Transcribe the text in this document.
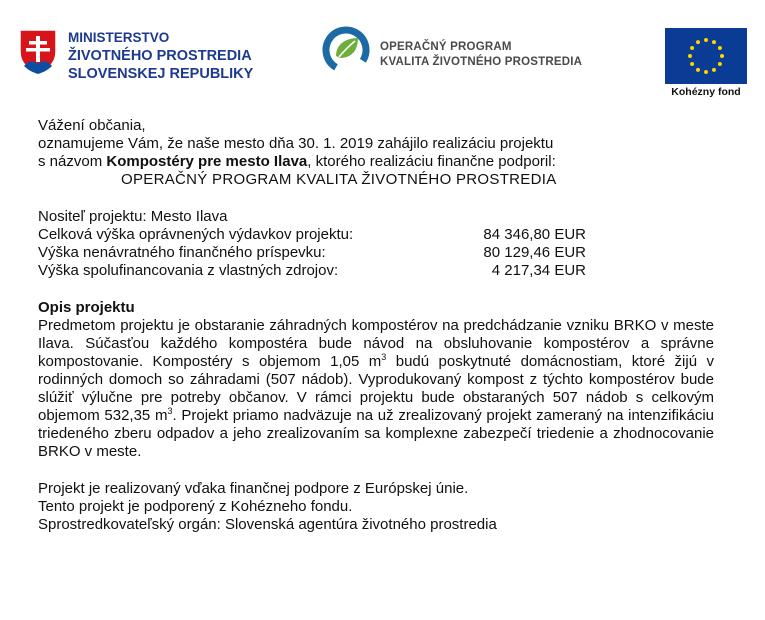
MINISTERSTVO
ŽIVOTNÉHO PROSTREDIA
SLOVENSKEJ REPUBLIKY
OPERAČNÝ PROGRAM
KVALITA ŽIVOTNÉHO PROSTREDIA
Kohézny fond

Vážení občania,

oznamujeme Vám, že naše mesto dňa 30. 1. 2019 zahájilo realizáciu projektu

s názvom Kompostéry pre mesto Ilava, ktorého realizáciu finančne podporil:

OPERAČNÝ PROGRAM KVALITA ŽIVOTNÉHO PROSTREDIA

Nositeľ projektu: Mesto Ilava

Celková výška oprávnených výdavkov projektu:	84 346,80 EUR
Výška nenávratného finančného príspevku:	80 129,46 EUR
Výška spolufinancovania z vlastných zdrojov:	4 217,34 EUR

Opis projektu

Predmetom projektu je obstaranie záhradných kompostérov na predchádzanie vzniku BRKO v meste Ilava. Súčasťou každého kompostéra bude návod na obsluhovanie kompostérov a správne kompostovanie. Kompostéry s objemom 1,05 $m^3$ budú poskytnuté domácnostiam, ktoré žijú v rodinných domoch so záhradami (507 nádob). Vyprodukovaný kompost z týchto kompostérov bude slúžiť výlučne pre potreby občanov. V rámci projektu bude obstaraných 507 nádob s celkovým objemom 532,35 $m^3$. Projekt priamo nadväzuje na už zrealizovaný projekt zameraný na intenzifikáciu triedeného zberu odpadov a jeho zrealizovaním sa komplexne zabezpečí triedenie a zhodnocovanie BRKO v meste.

Projekt je realizovaný vďaka finančnej podpore z Európskej únie.

Tento projekt je podporený z Kohézneho fondu.

Sprostredkovateľský orgán: Slovenská agentúra životného prostredia
